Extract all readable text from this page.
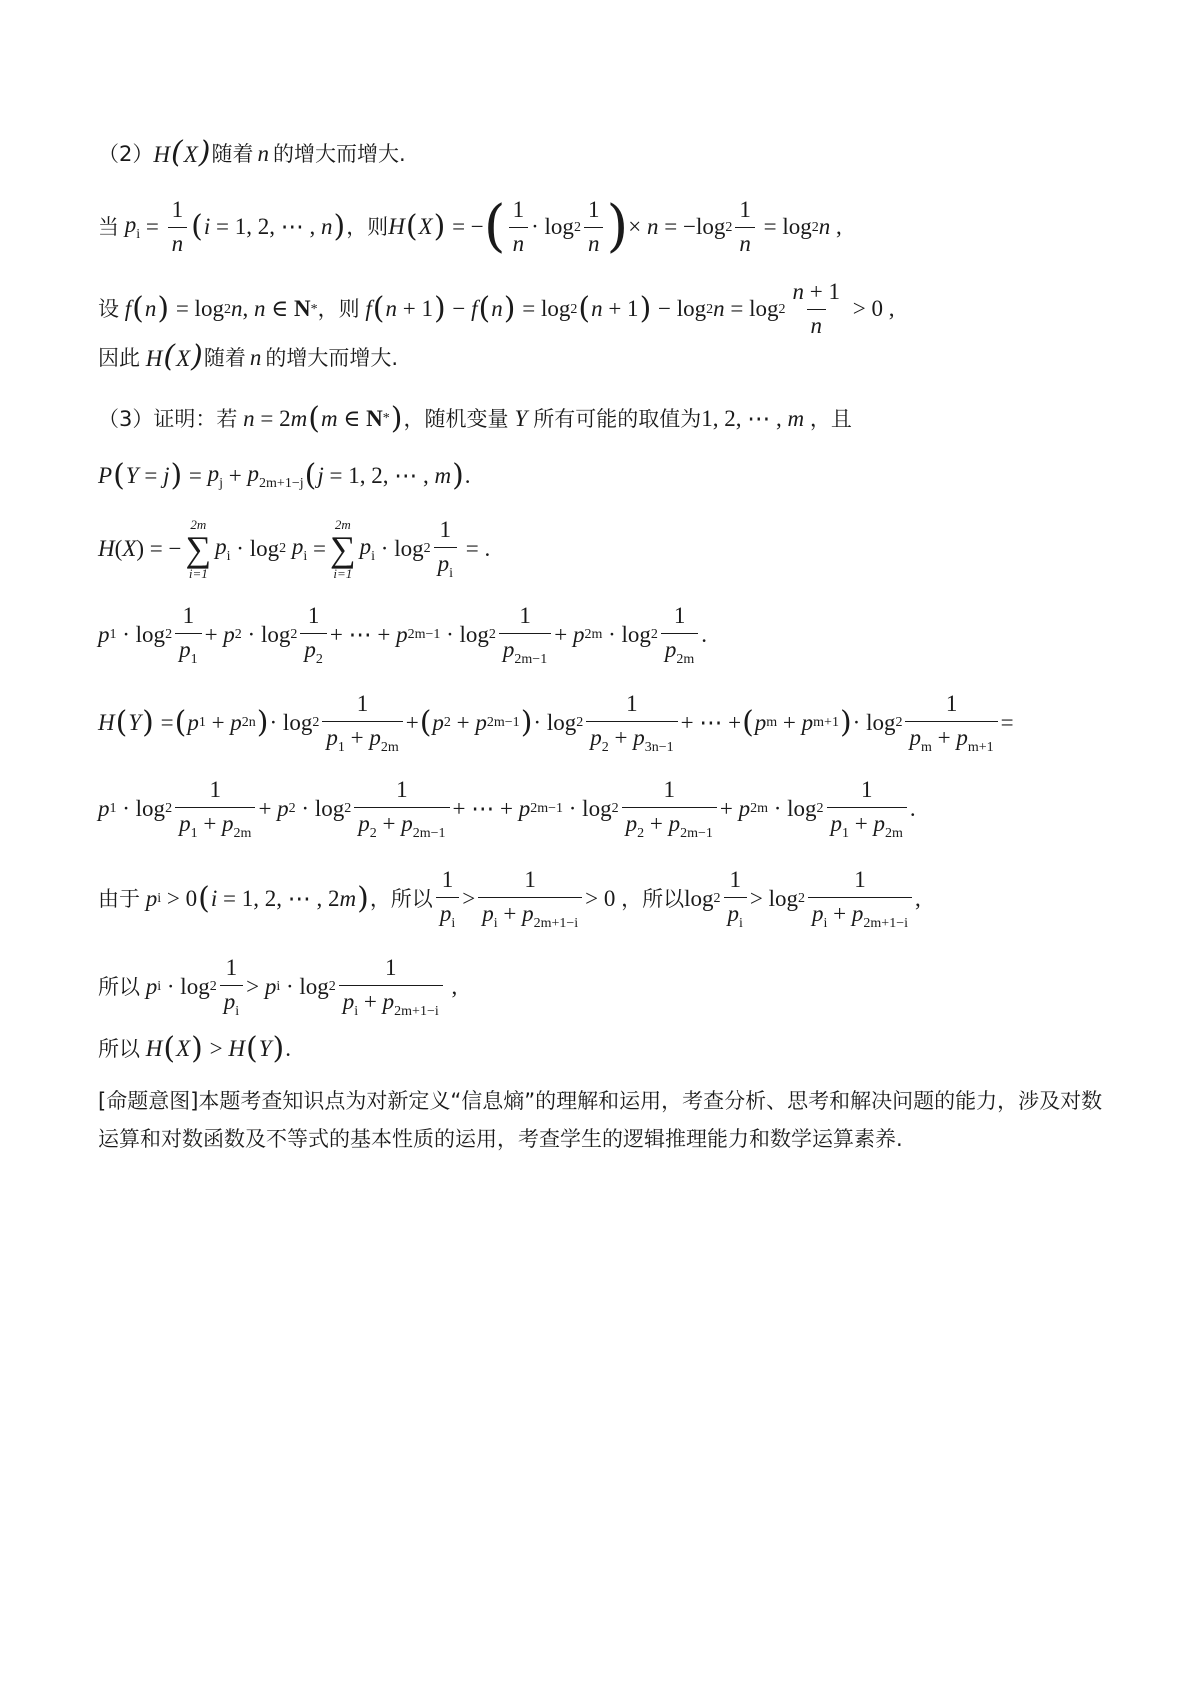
（2） H(X) 随着 n 的增大而增大.
当
$p_i = \frac{1}{n}$ ( i = 1, 2, ⋯ , n ) ，则 H ( X ) = − ( $\frac{1}{n} \cdot \log 2 \frac{1}{n}$ ) × n = −log $2 \frac{1}{n} = \log 2$ n ,
设
f ( n ) = log 2 n , n ∈ N * ，则
f ( n + 1 ) − f ( n ) = log 2 ( n + 1 ) − log 2 $n = \log 2 \frac{n + 1}{n} > 0$ ,
因此 H(X) 随着 n 的增大而增大.
（3）证明：若
n = 2 m ( m ∈ N * ) ，随机变量 Y 所有可能的取值为 1, 2, ⋯ , m ，且
P ( Y = j ) = $p_j + p_{2m+1-j}$ ( j = 1, 2, ⋯ , m ) .
H ( X ) = −
2m
∑
i=1
$p_i \cdot \log 2$
$p_i$ =
2m
∑
i=1
$p_i \cdot \log 2 \frac{1}{p_i}$ = .
p $1 \cdot \log 2 \frac{1}{p_1} + p$ $2 \cdot \log 2 \frac{1}{p_2}$ + ⋯ + p $2m-1 \cdot \log 2 \frac{1}{p_{2m-1}} + p$ $2m \cdot \log 2 \frac{1}{p_{2m}}$ .
H ( Y ) = ( p 1 + p 2n ) · $\log 2 \frac{1}{p_1 + p_{2m}}$ + ( p 2 + p 2m−1 ) · $\log 2 \frac{1}{p_2 + p_{3n-1}}$ + ⋯ + ( p m + p m+1 ) · $\log 2 \frac{1}{p_m + p_{m+1}}$ =
p $1 \cdot \log 2 \frac{1}{p_1 + p_{2m}} + p$ $2 \cdot \log 2 \frac{1}{p_2 + p_{2m-1}}$ + ⋯ + p $2m-1 \cdot \log 2 \frac{1}{p_2 + p_{2m-1}} + p$ $2m \cdot \log 2 \frac{1}{p_1 + p_{2m}}$ .
由于
p i > 0 ( i = 1, 2, ⋯ , 2 m ) ，所以 $\frac{1}{p_i} > \frac{1}{p_i + p_{2m+1-i}} > 0$ ，所以 $\log 2 \frac{1}{p_i} > \log 2 \frac{1}{p_i + p_{2m+1-i}}$ ,
所以
p $i \cdot \log 2 \frac{1}{p_i} > p$ $i \cdot \log 2 \frac{1}{p_i + p_{2m+1-i}}$ ,
所以
H ( X ) > H ( Y ) .
[命题意图]本题考查知识点为对新定义“信息熵”的理解和运用，考查分析、思考和解决问题的能力，涉及对数运算和对数函数及不等式的基本性质的运用，考查学生的逻辑推理能力和数学运算素养.
